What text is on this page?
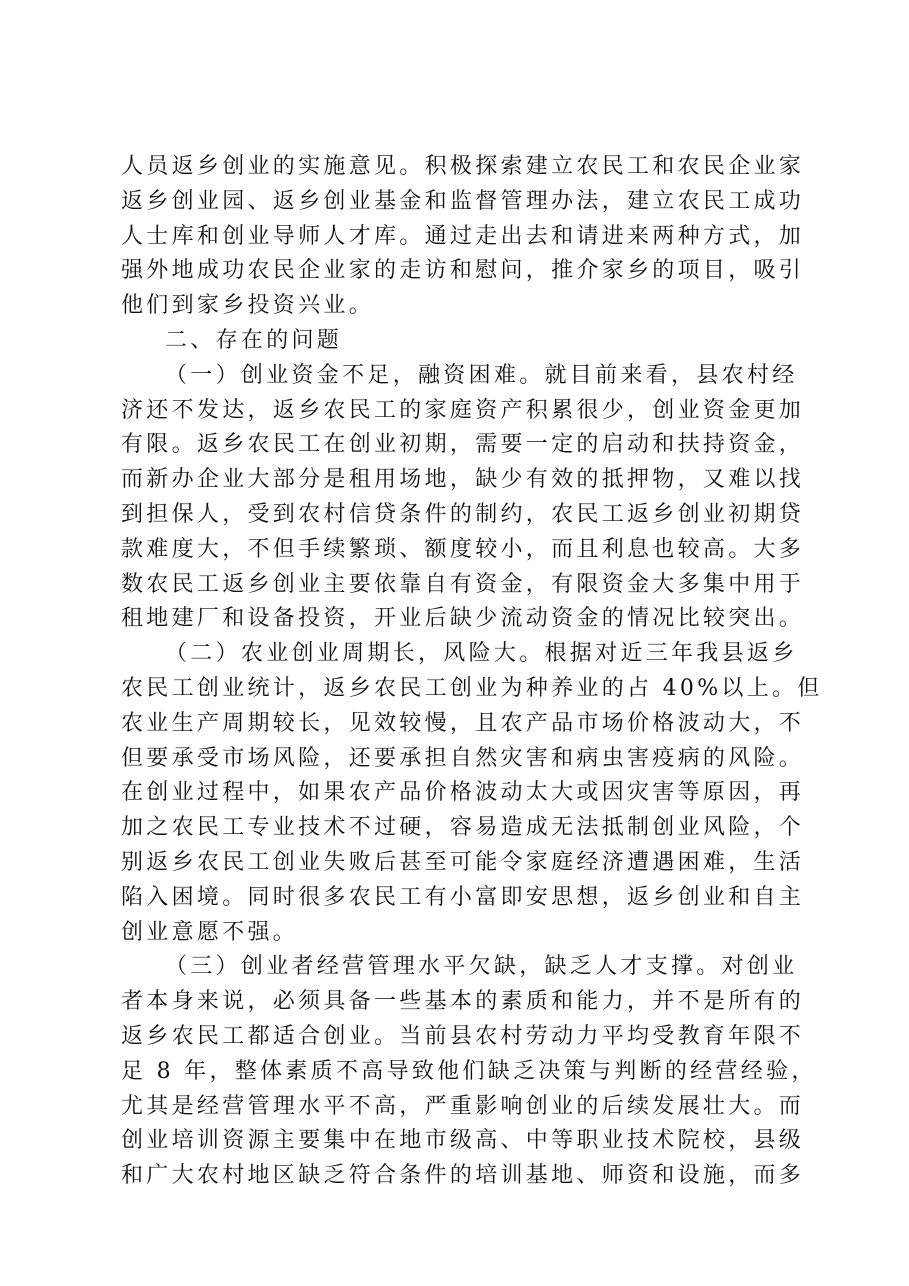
人员返乡创业的实施意见。积极探索建立农民工和农民企业家
返乡创业园、返乡创业基金和监督管理办法，建立农民工成功
人士库和创业导师人才库。通过走出去和请进来两种方式，加
强外地成功农民企业家的走访和慰问，推介家乡的项目，吸引
他们到家乡投资兴业。
二、存在的问题
（一）创业资金不足，融资困难。就目前来看，县农村经
济还不发达，返乡农民工的家庭资产积累很少，创业资金更加
有限。返乡农民工在创业初期，需要一定的启动和扶持资金，
而新办企业大部分是租用场地，缺少有效的抵押物，又难以找
到担保人，受到农村信贷条件的制约，农民工返乡创业初期贷
款难度大，不但手续繁琐、额度较小，而且利息也较高。大多
数农民工返乡创业主要依靠自有资金，有限资金大多集中用于
租地建厂和设备投资，开业后缺少流动资金的情况比较突出。
（二）农业创业周期长，风险大。根据对近三年我县返乡
农民工创业统计，返乡农民工创业为种养业的占 40%以上。但
农业生产周期较长，见效较慢，且农产品市场价格波动大，不
但要承受市场风险，还要承担自然灾害和病虫害疫病的风险。
在创业过程中，如果农产品价格波动太大或因灾害等原因，再
加之农民工专业技术不过硬，容易造成无法抵制创业风险，个
别返乡农民工创业失败后甚至可能令家庭经济遭遇困难，生活
陷入困境。同时很多农民工有小富即安思想，返乡创业和自主
创业意愿不强。
（三）创业者经营管理水平欠缺，缺乏人才支撑。对创业
者本身来说，必须具备一些基本的素质和能力，并不是所有的
返乡农民工都适合创业。当前县农村劳动力平均受教育年限不
足 8 年，整体素质不高导致他们缺乏决策与判断的经营经验，
尤其是经营管理水平不高，严重影响创业的后续发展壮大。而
创业培训资源主要集中在地市级高、中等职业技术院校，县级
和广大农村地区缺乏符合条件的培训基地、师资和设施，而多
